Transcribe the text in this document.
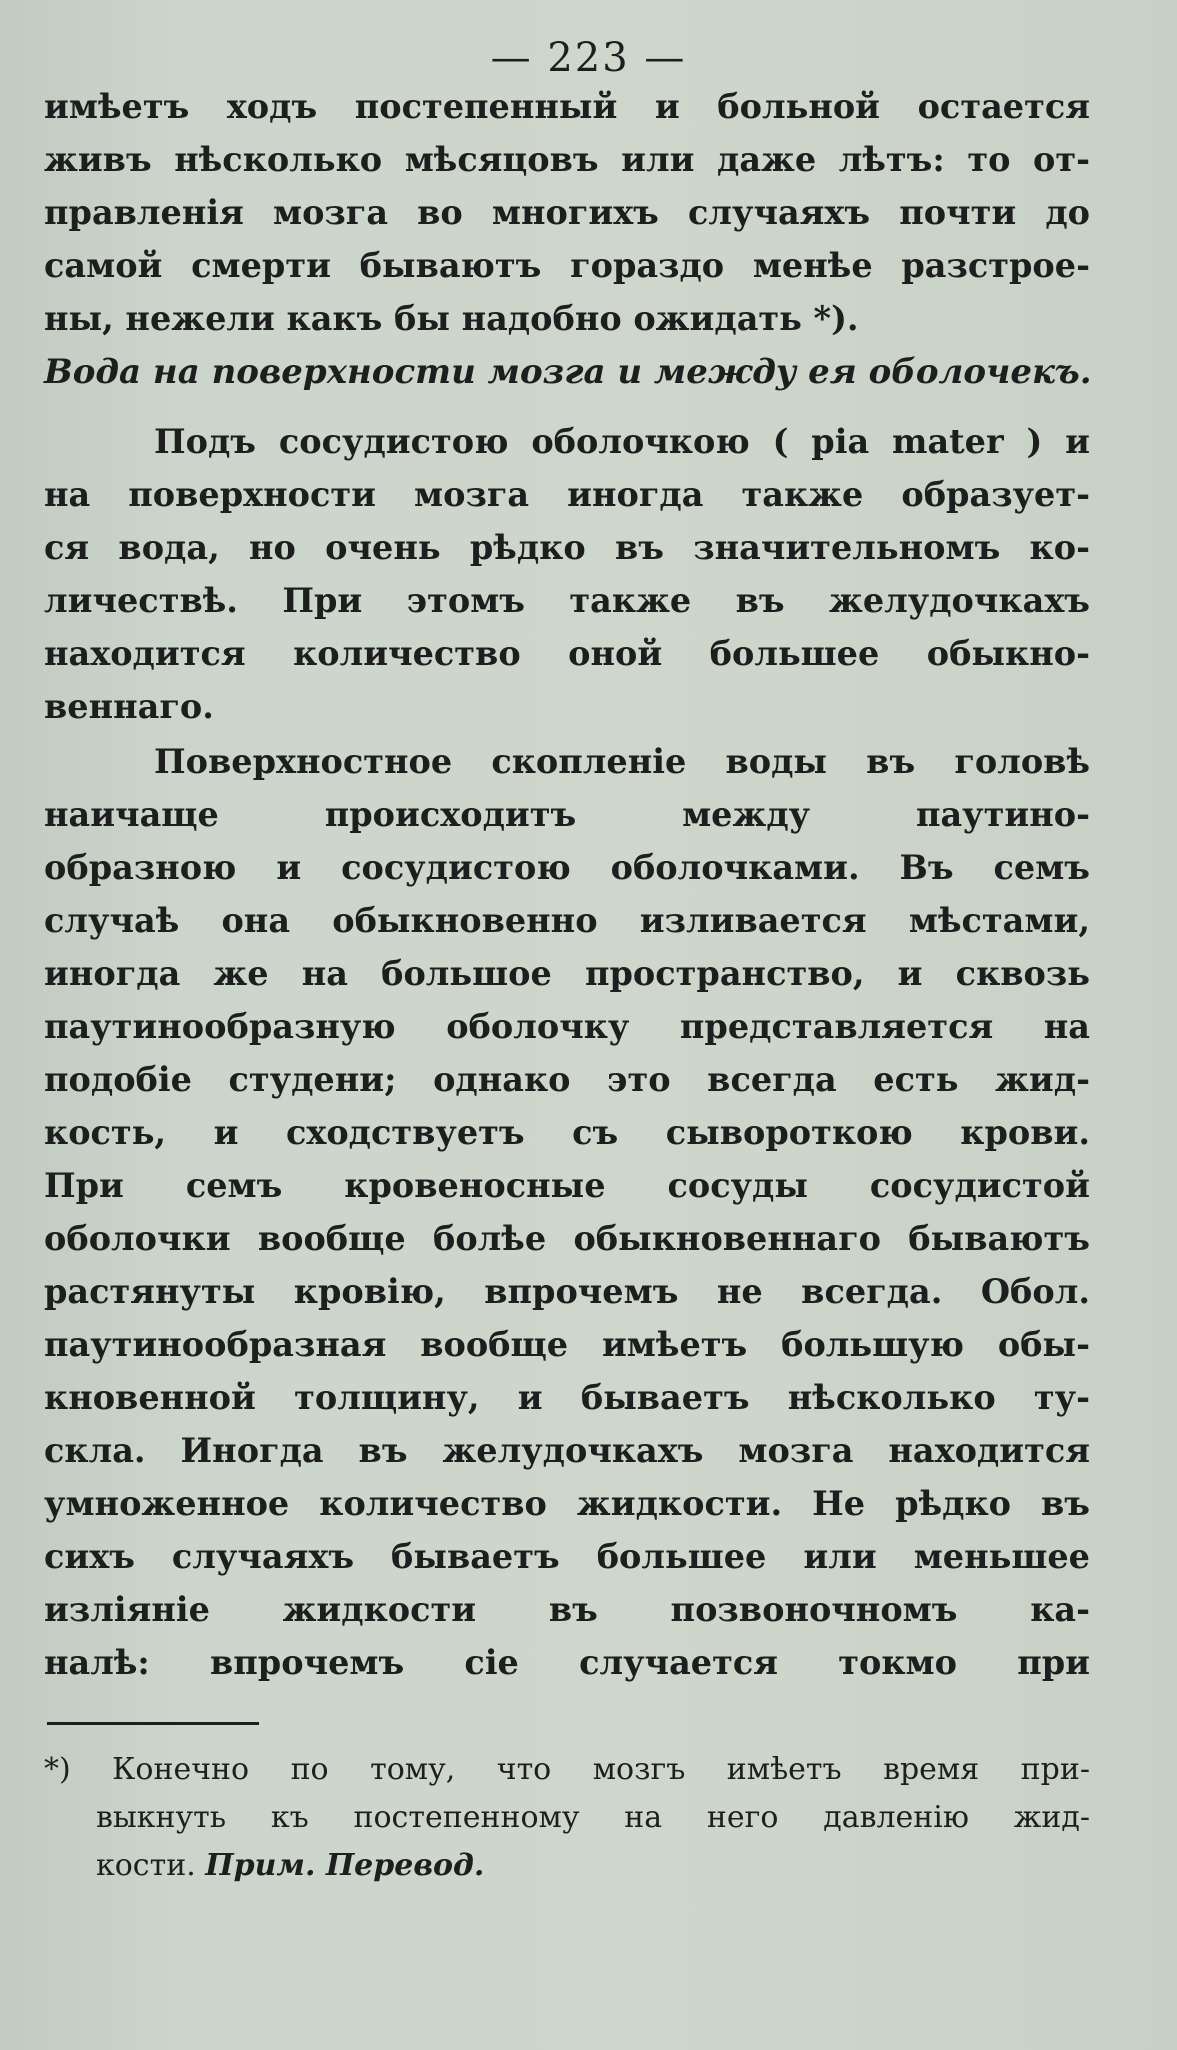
— 223 —
имѣетъ ходъ постепенный и больной остается
живъ нѣсколько мѣсяцовъ или даже лѣтъ: то от-
правленія мозга во многихъ случаяхъ почти до
самой смерти бываютъ гораздо менѣе разстрое-
ны, нежели какъ бы надобно ожидать *).
Вода на поверхности мозга и между ея оболочекъ.
Подъ сосудистою оболочкою ( pia mater ) и
на поверхности мозга иногда также образует-
ся вода, но очень рѣдко въ значительномъ ко-
личествѣ. При этомъ также въ желудочкахъ
находится количество оной большее обыкно-
веннаго.
Поверхностное скопленіе воды въ головѣ
наичаще происходитъ между паутино-
образною и сосудистою оболочками. Въ семъ
случаѣ она обыкновенно изливается мѣстами,
иногда же на большое пространство, и сквозь
паутинообразную оболочку представляется на
подобіе студени; однако это всегда есть жид-
кость, и сходствуетъ съ сывороткою крови.
При семъ кровеносные сосуды сосудистой
оболочки вообще болѣе обыкновеннаго бываютъ
растянуты кровію, впрочемъ не всегда. Обол.
паутинообразная вообще имѣетъ большую обы-
кновенной толщину, и бываетъ нѣсколько ту-
скла. Иногда въ желудочкахъ мозга находится
умноженное количество жидкости. Не рѣдко въ
сихъ случаяхъ бываетъ большее или меньшее
изліяніе жидкости въ позвоночномъ ка-
налѣ: впрочемъ сіе случается токмо при
*) Конечно по тому, что мозгъ имѣетъ время при-
выкнуть къ постепенному на него давленію жид-
кости. Прим. Перевод.
